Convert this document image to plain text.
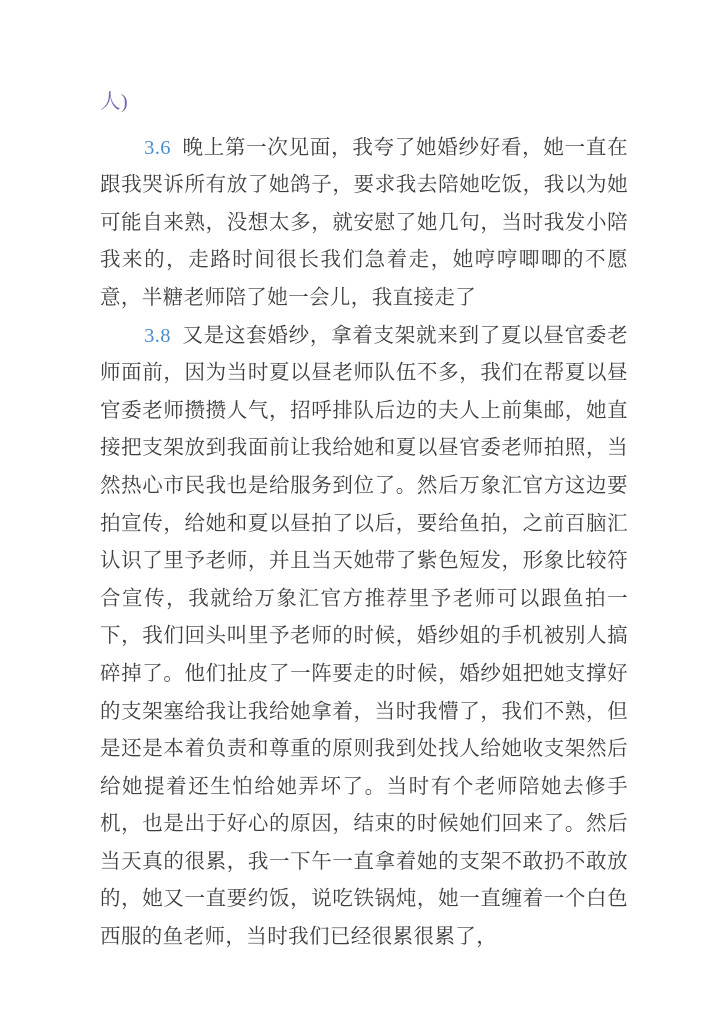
人)

3.6 晚上第一次见面，我夸了她婚纱好看，她一直在跟我哭诉所有放了她鸽子，要求我去陪她吃饭，我以为她可能自来熟，没想太多，就安慰了她几句，当时我发小陪我来的，走路时间很长我们急着走，她哼哼唧唧的不愿意，半糖老师陪了她一会儿，我直接走了

3.8 又是这套婚纱，拿着支架就来到了夏以昼官委老师面前，因为当时夏以昼老师队伍不多，我们在帮夏以昼官委老师攒攒人气，招呼排队后边的夫人上前集邮，她直接把支架放到我面前让我给她和夏以昼官委老师拍照，当然热心市民我也是给服务到位了。然后万象汇官方这边要拍宣传，给她和夏以昼拍了以后，要给鱼拍，之前百脑汇认识了里予老师，并且当天她带了紫色短发，形象比较符合宣传，我就给万象汇官方推荐里予老师可以跟鱼拍一下，我们回头叫里予老师的时候，婚纱姐的手机被别人搞碎掉了。他们扯皮了一阵要走的时候，婚纱姐把她支撑好的支架塞给我让我给她拿着，当时我懵了，我们不熟，但是还是本着负责和尊重的原则我到处找人给她收支架然后给她提着还生怕给她弄坏了。当时有个老师陪她去修手机，也是出于好心的原因，结束的时候她们回来了。然后当天真的很累，我一下午一直拿着她的支架不敢扔不敢放的，她又一直要约饭，说吃铁锅炖，她一直缠着一个白色西服的鱼老师，当时我们已经很累很累了，
